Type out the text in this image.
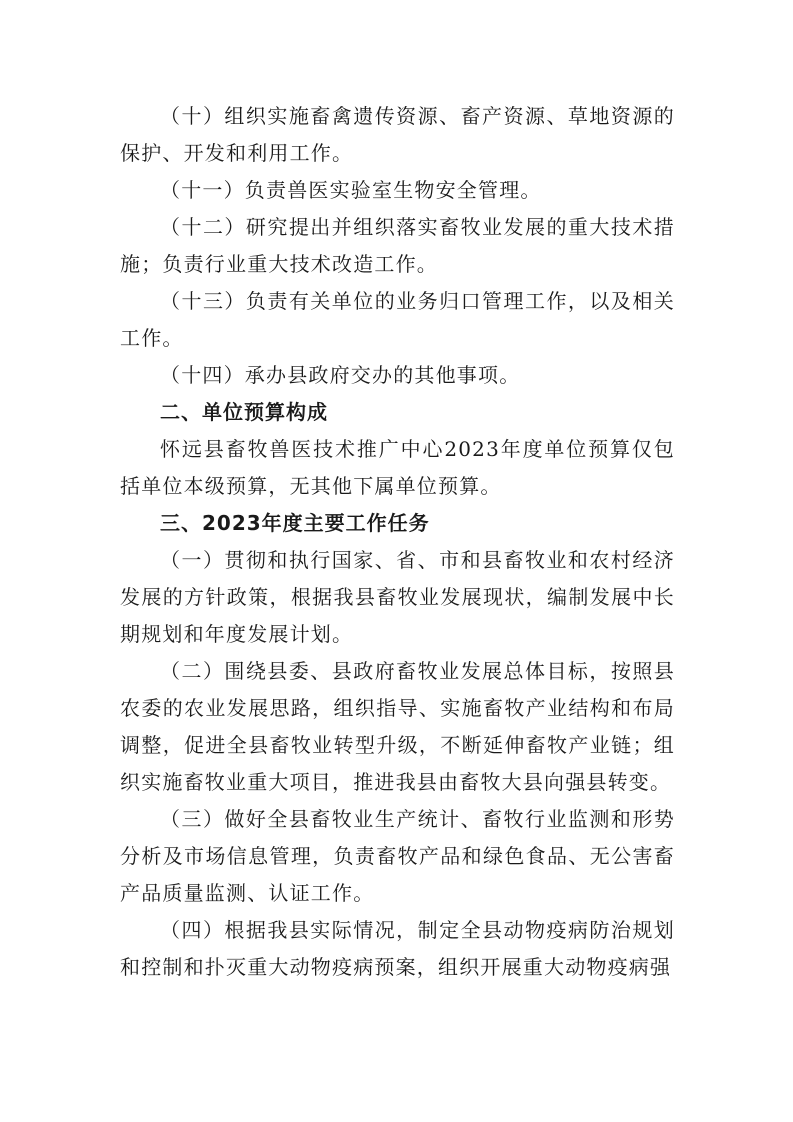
（十）组织实施畜禽遗传资源、畜产资源、草地资源的保护、开发和利用工作。

（十一）负责兽医实验室生物安全管理。

（十二）研究提出并组织落实畜牧业发展的重大技术措施；负责行业重大技术改造工作。

（十三）负责有关单位的业务归口管理工作，以及相关工作。

（十四）承办县政府交办的其他事项。

二、单位预算构成

怀远县畜牧兽医技术推广中心2023年度单位预算仅包括单位本级预算，无其他下属单位预算。

三、2023年度主要工作任务

（一）贯彻和执行国家、省、市和县畜牧业和农村经济发展的方针政策，根据我县畜牧业发展现状，编制发展中长期规划和年度发展计划。

（二）围绕县委、县政府畜牧业发展总体目标，按照县农委的农业发展思路，组织指导、实施畜牧产业结构和布局调整，促进全县畜牧业转型升级，不断延伸畜牧产业链；组织实施畜牧业重大项目，推进我县由畜牧大县向强县转变。

（三）做好全县畜牧业生产统计、畜牧行业监测和形势分析及市场信息管理，负责畜牧产品和绿色食品、无公害畜产品质量监测、认证工作。

（四）根据我县实际情况，制定全县动物疫病防治规划和控制和扑灭重大动物疫病预案，组织开展重大动物疫病强
